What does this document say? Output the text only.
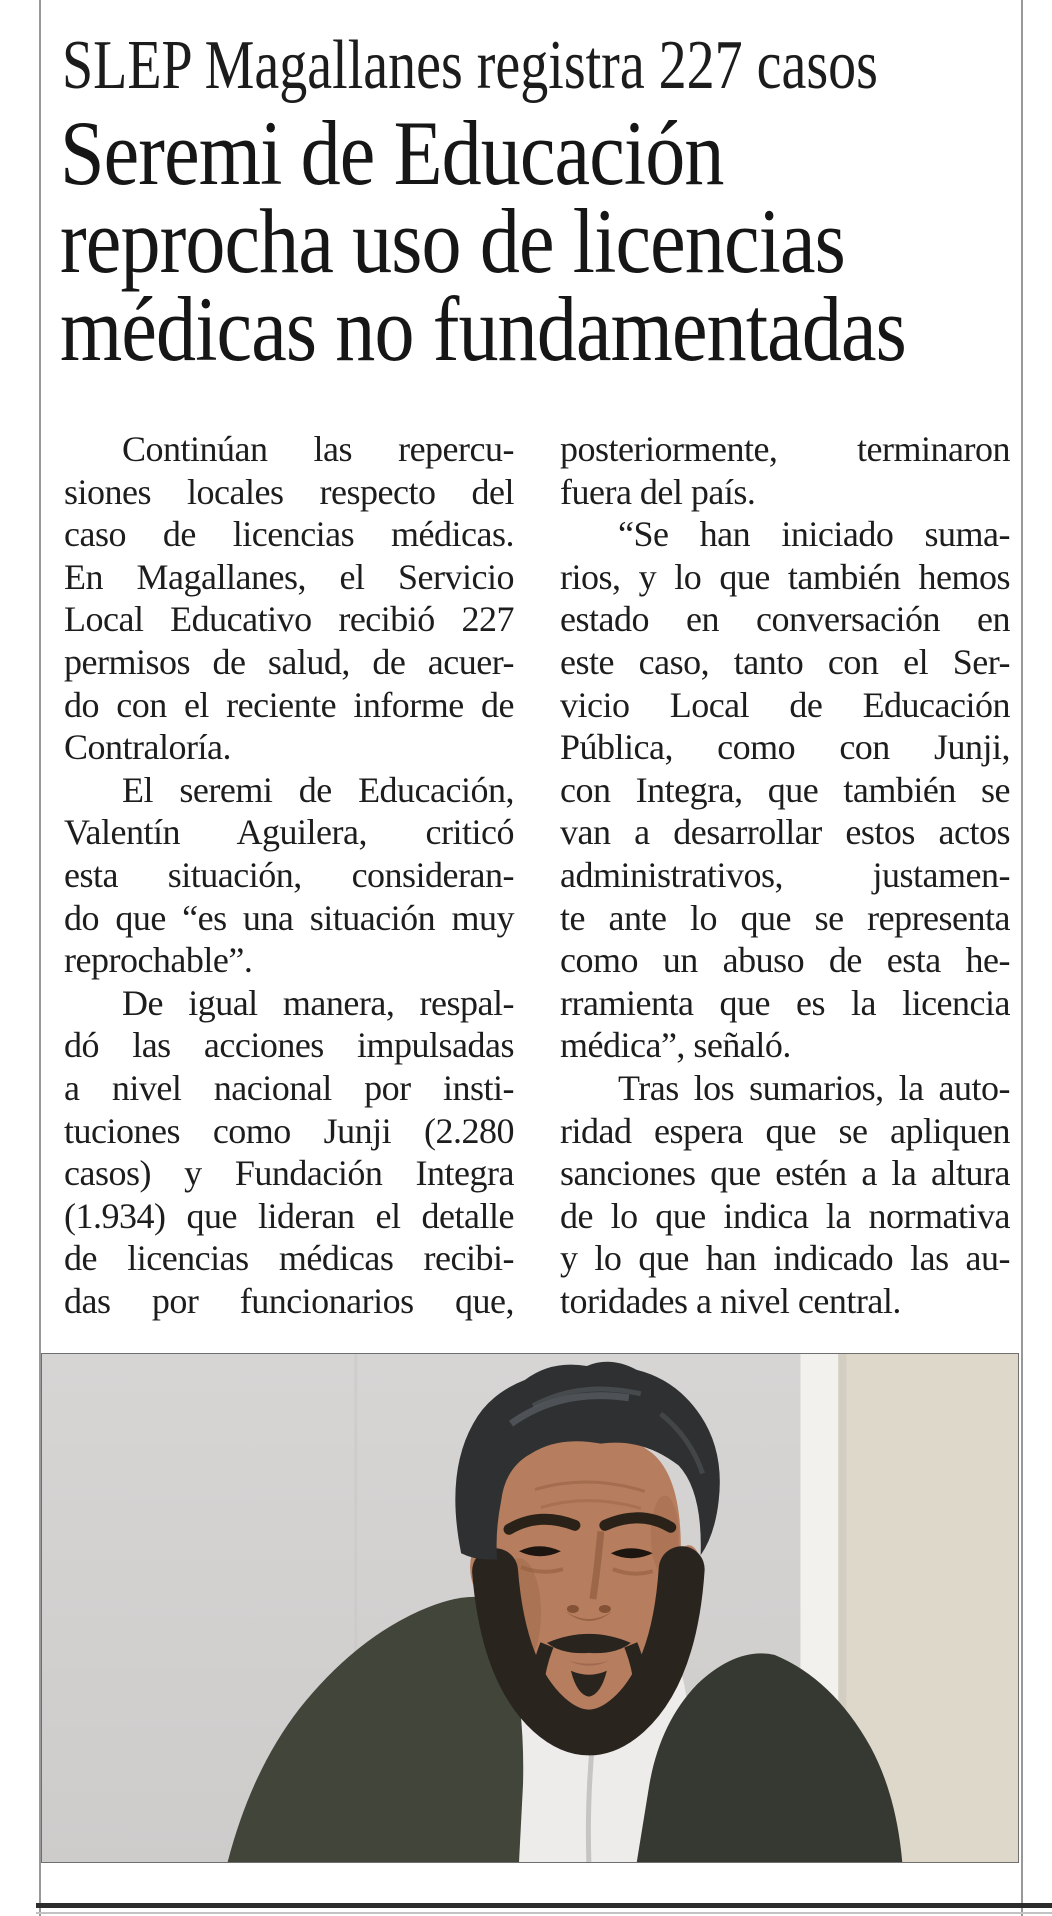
SLEP Magallanes registra 227 casos
Seremi de Educación
reprocha uso de licencias
médicas no fundamentadas
Continúan las repercu-
siones locales respecto del
caso de licencias médicas.
En Magallanes, el Servicio
Local Educativo recibió 227
permisos de salud, de acuer-
do con el reciente informe de
Contraloría.
El seremi de Educación,
Valentín Aguilera, criticó
esta situación, consideran-
do que “es una situación muy
reprochable”.
De igual manera, respal-
dó las acciones impulsadas
a nivel nacional por insti-
tuciones como Junji (2.280
casos) y Fundación Integra
(1.934) que lideran el detalle
de licencias médicas recibi-
das por funcionarios que,
posteriormente, terminaron
fuera del país.
“Se han iniciado suma-
rios, y lo que también hemos
estado en conversación en
este caso, tanto con el Ser-
vicio Local de Educación
Pública, como con Junji,
con Integra, que también se
van a desarrollar estos actos
administrativos, justamen-
te ante lo que se representa
como un abuso de esta he-
rramienta que es la licencia
médica”, señaló.
Tras los sumarios, la auto-
ridad espera que se apliquen
sanciones que estén a la altura
de lo que indica la normativa
y lo que han indicado las au-
toridades a nivel central.
